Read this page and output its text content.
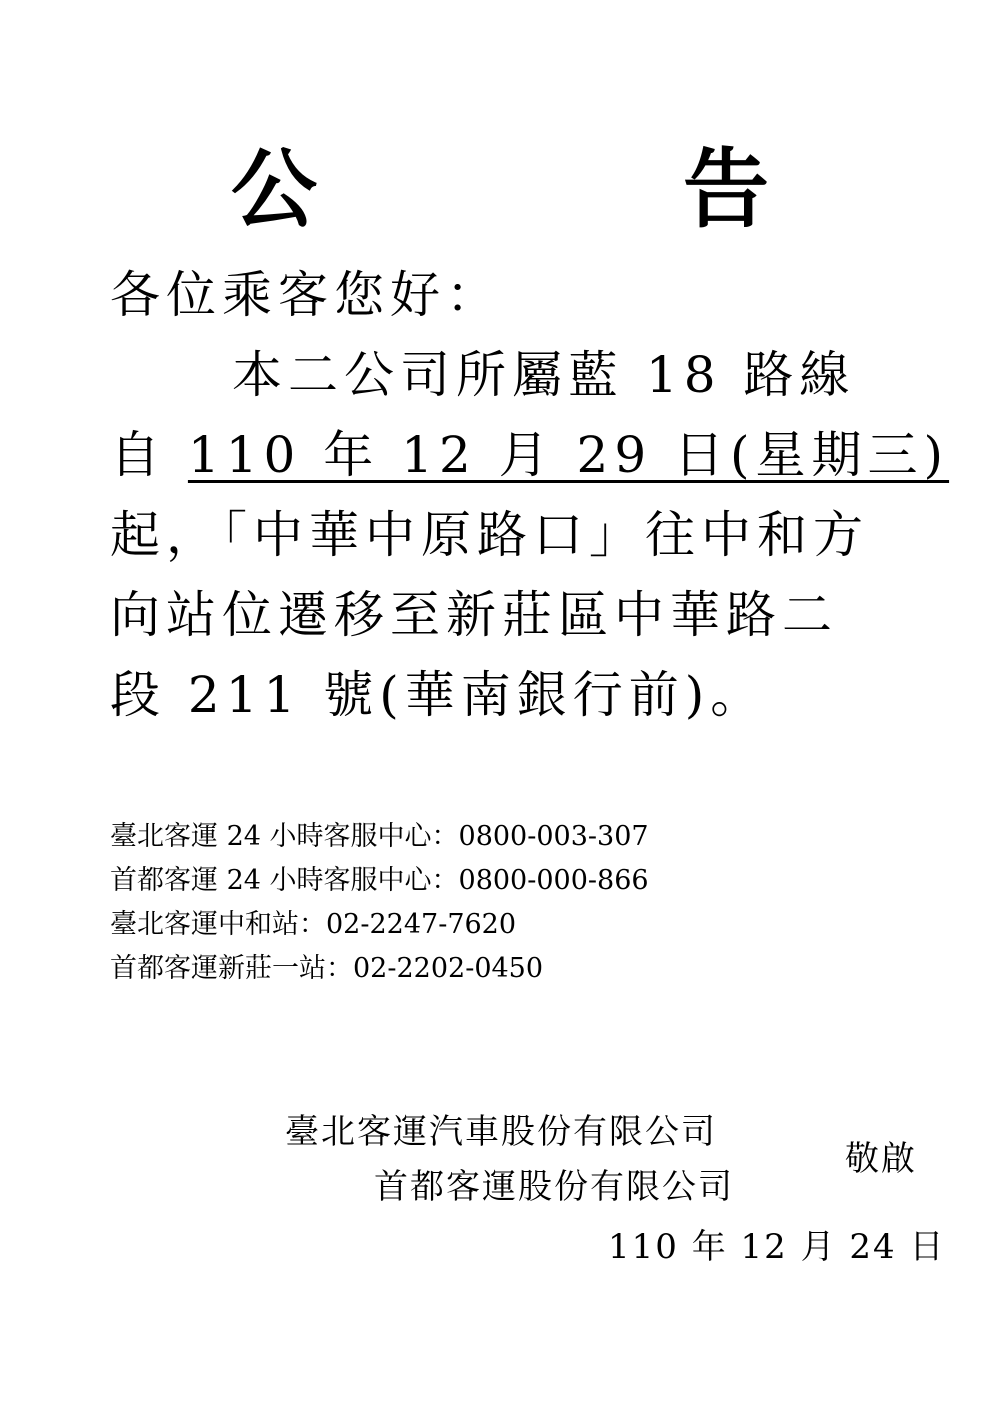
公　告
各位乘客您好：
本二公司所屬藍 18 路線
自 110 年 12 月 29 日(星期三)
起，「中華中原路口」往中和方
向站位遷移至新莊區中華路二
段 211 號(華南銀行前)。
臺北客運 24 小時客服中心：0800-003-307
首都客運 24 小時客服中心：0800-000-866
臺北客運中和站：02-2247-7620
首都客運新莊一站：02-2202-0450
臺北客運汽車股份有限公司
首都客運股份有限公司
敬啟
110 年 12 月 24 日
